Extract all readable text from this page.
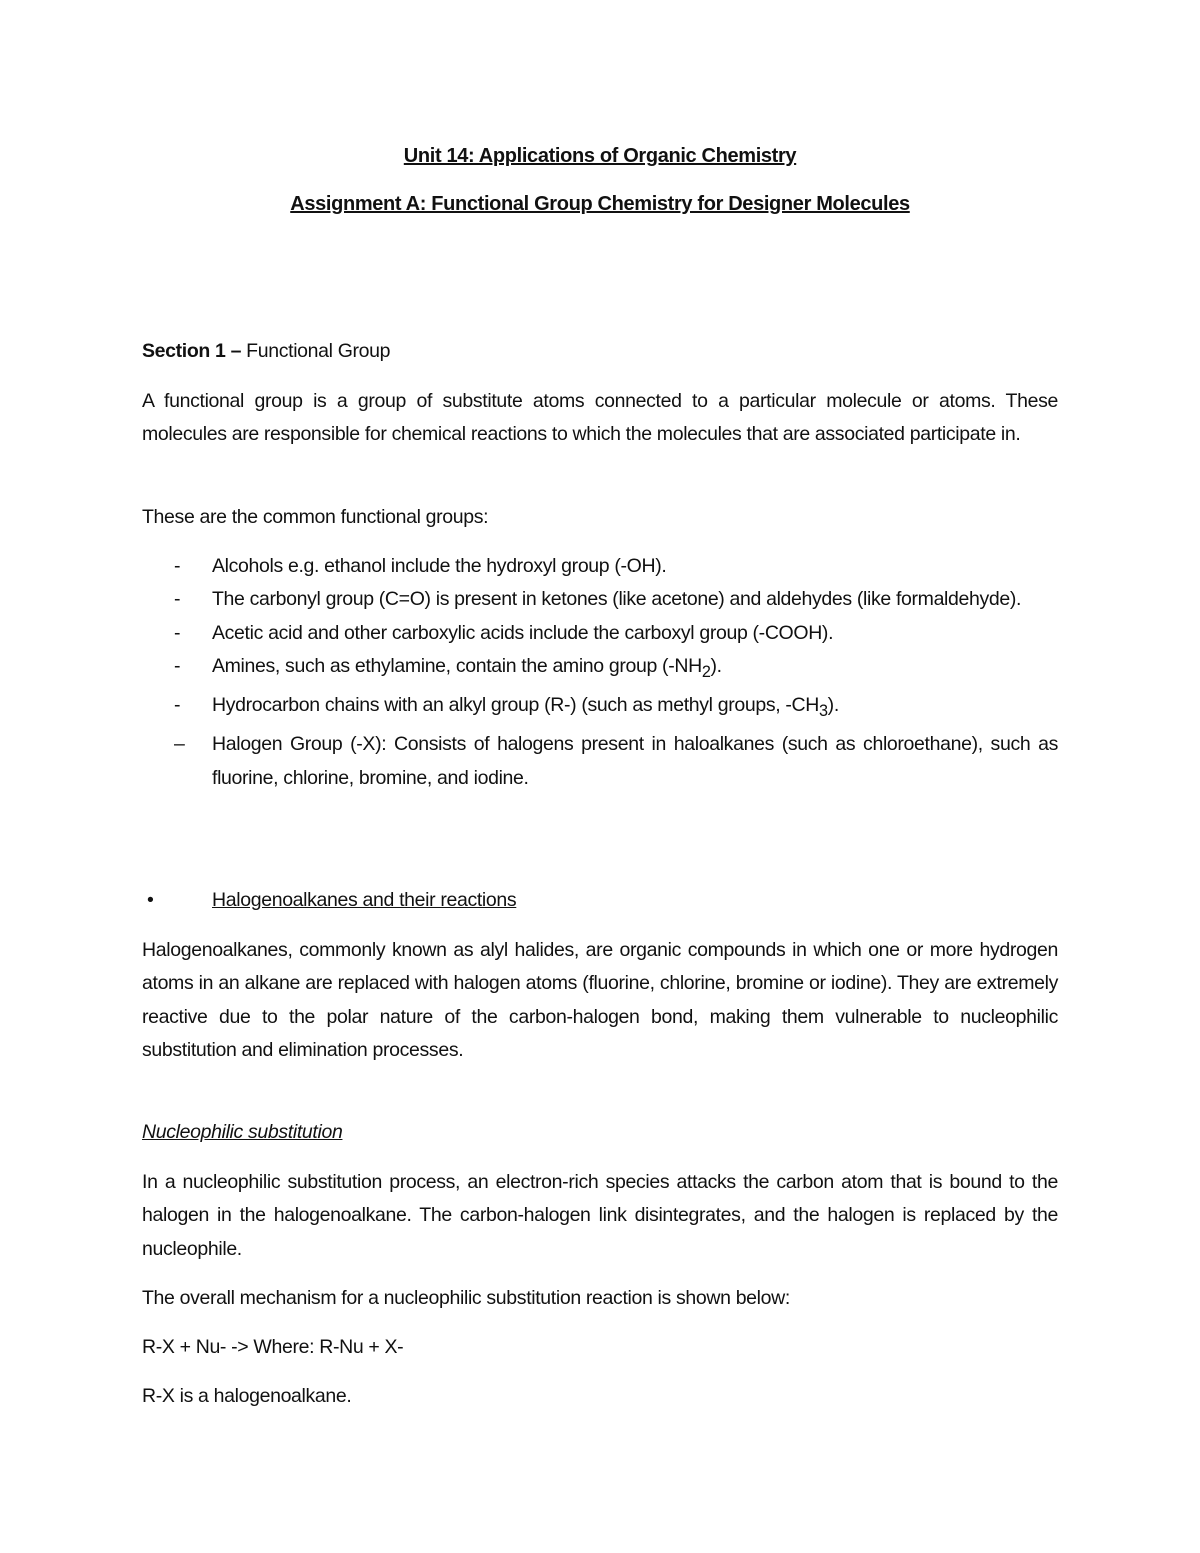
Unit 14: Applications of Organic Chemistry

Assignment A: Functional Group Chemistry for Designer Molecules

Section 1 – Functional Group

A functional group is a group of substitute atoms connected to a particular molecule or atoms. These molecules are responsible for chemical reactions to which the molecules that are associated participate in.

These are the common functional groups:

- Alcohols e.g. ethanol include the hydroxyl group (-OH).
- The carbonyl group (C=O) is present in ketones (like acetone) and aldehydes (like formaldehyde).
- Acetic acid and other carboxylic acids include the carboxyl group (-COOH).
- Amines, such as ethylamine, contain the amino group $(-NH_2)$.
- Hydrocarbon chains with an alkyl group (R-) (such as methyl groups, $-CH_3$).
– Halogen Group (-X): Consists of halogens present in haloalkanes (such as chloroethane), such as fluorine, chlorine, bromine, and iodine.

•	Halogenoalkanes and their reactions

Halogenoalkanes, commonly known as alyl halides, are organic compounds in which one or more hydrogen atoms in an alkane are replaced with halogen atoms (fluorine, chlorine, bromine or iodine). They are extremely reactive due to the polar nature of the carbon-halogen bond, making them vulnerable to nucleophilic substitution and elimination processes.

Nucleophilic substitution

In a nucleophilic substitution process, an electron-rich species attacks the carbon atom that is bound to the halogen in the halogenoalkane. The carbon-halogen link disintegrates, and the halogen is replaced by the nucleophile.

The overall mechanism for a nucleophilic substitution reaction is shown below:

R-X + Nu- -> Where: R-Nu + X-

R-X is a halogenoalkane.
